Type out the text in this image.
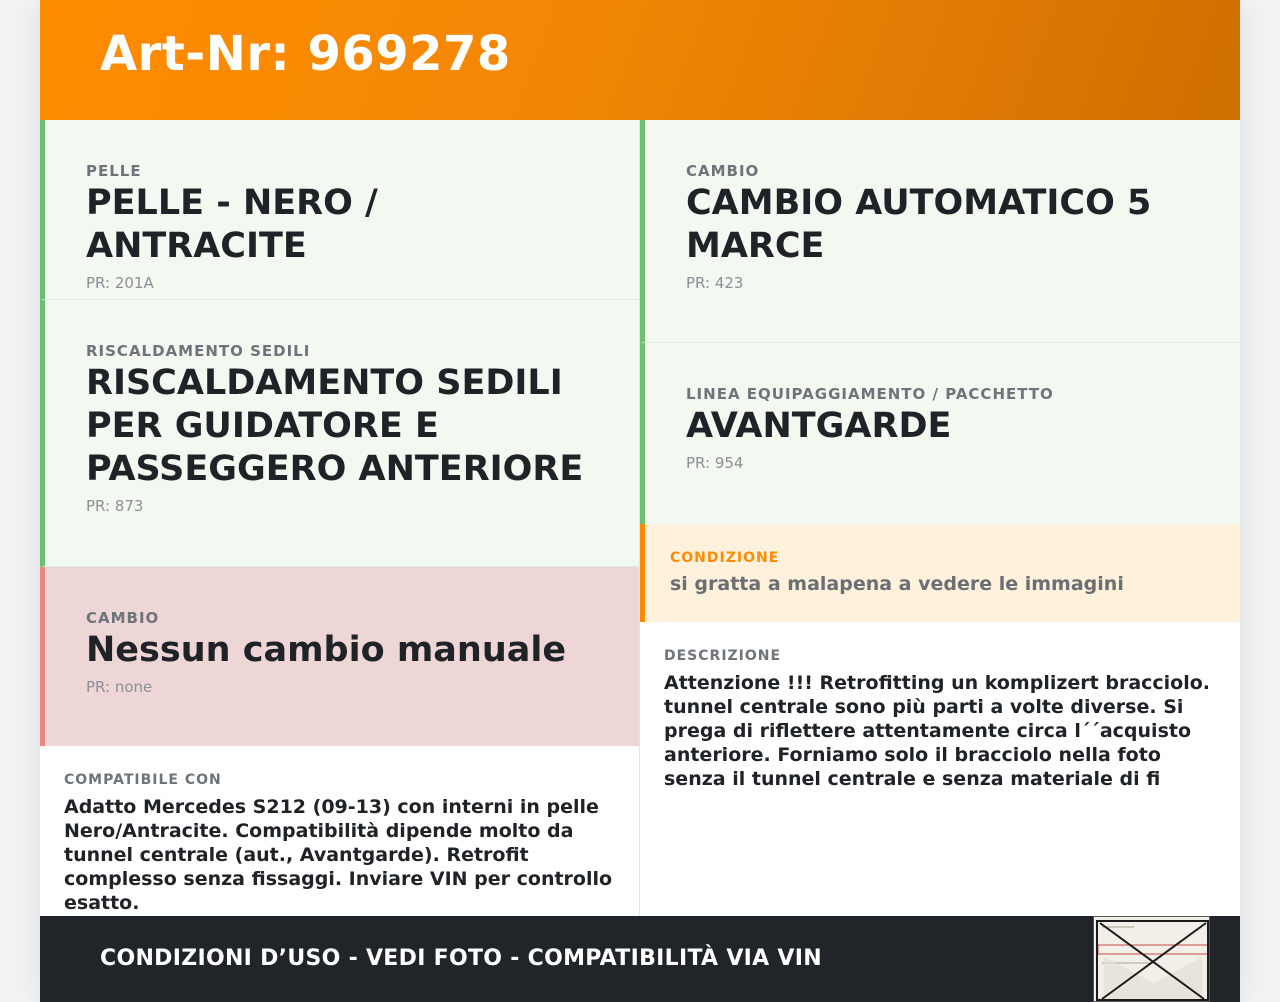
Art-Nr: 969278
PELLE
PELLE - NERO / ANTRACITE
PR: 201A
RISCALDAMENTO SEDILI
RISCALDAMENTO SEDILI PER GUIDATORE E PASSEGGERO ANTERIORE
PR: 873
CAMBIO
Nessun cambio manuale
PR: none
COMPATIBILE CON
Adatto Mercedes S212 (09-13) con interni in pelle Nero/Antracite. Compatibilità dipende molto da tunnel centrale (aut., Avantgarde). Retrofit complesso senza fissaggi. Inviare VIN per controllo esatto.
CAMBIO
CAMBIO AUTOMATICO 5 MARCE
PR: 423
LINEA EQUIPAGGIAMENTO / PACCHETTO
AVANTGARDE
PR: 954
CONDIZIONE
si gratta a malapena a vedere le immagini
DESCRIZIONE
Attenzione !!! Retrofitting un komplizert bracciolo. tunnel centrale sono più parti a volte diverse. Si prega di riflettere attentamente circa l´´acquisto anteriore. Forniamo solo il bracciolo nella foto senza il tunnel centrale e senza materiale di fi
CONDIZIONI D’USO - VEDI FOTO - COMPATIBILITÀ VIA VIN
